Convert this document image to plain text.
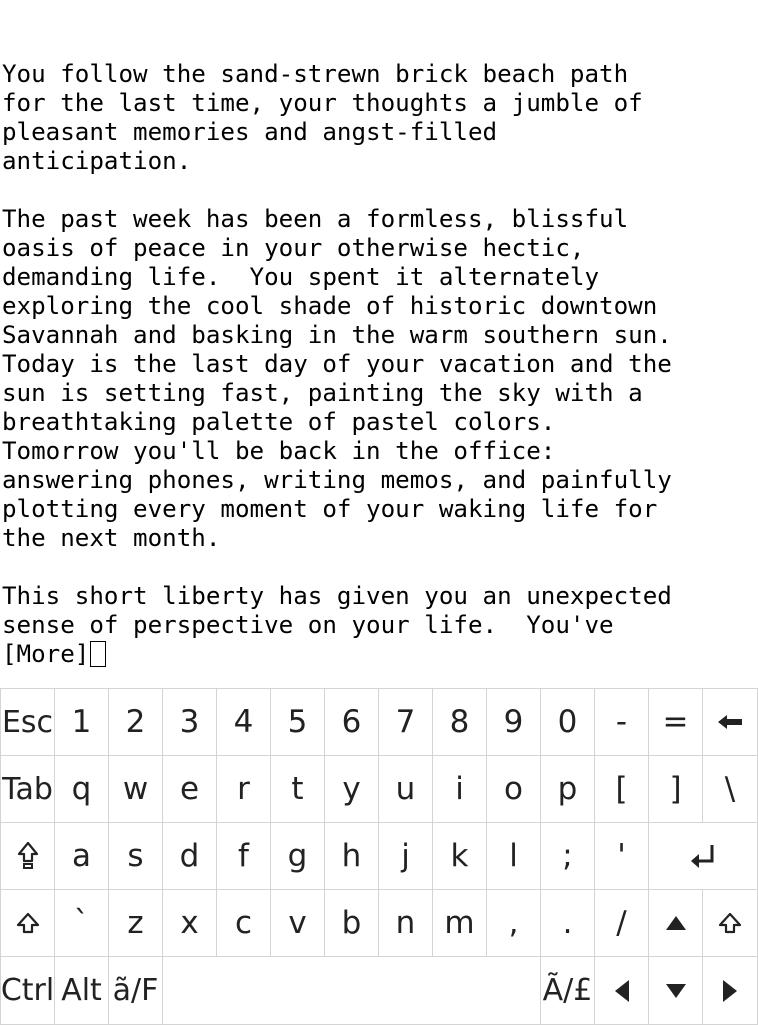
You follow the sand-strewn brick beach path
for the last time, your thoughts a jumble of
pleasant memories and angst-filled
anticipation.

The past week has been a formless, blissful
oasis of peace in your otherwise hectic,
demanding life.  You spent it alternately
exploring the cool shade of historic downtown
Savannah and basking in the warm southern sun.
Today is the last day of your vacation and the
sun is setting fast, painting the sky with a
breathtaking palette of pastel colors.
Tomorrow you'll be back in the office:
answering phones, writing memos, and painfully
plotting every moment of your waking life for
the next month.

This short liberty has given you an unexpected
sense of perspective on your life.  You've
[More]
Esc 1 2 3 4 5 6 7 8 9 0 - =
Tab q w e r t y u i o p [ ] \
a s d f g h j k l ; '
` z x c v b n m , . /
Ctrl Alt ã/F	Ã/£
